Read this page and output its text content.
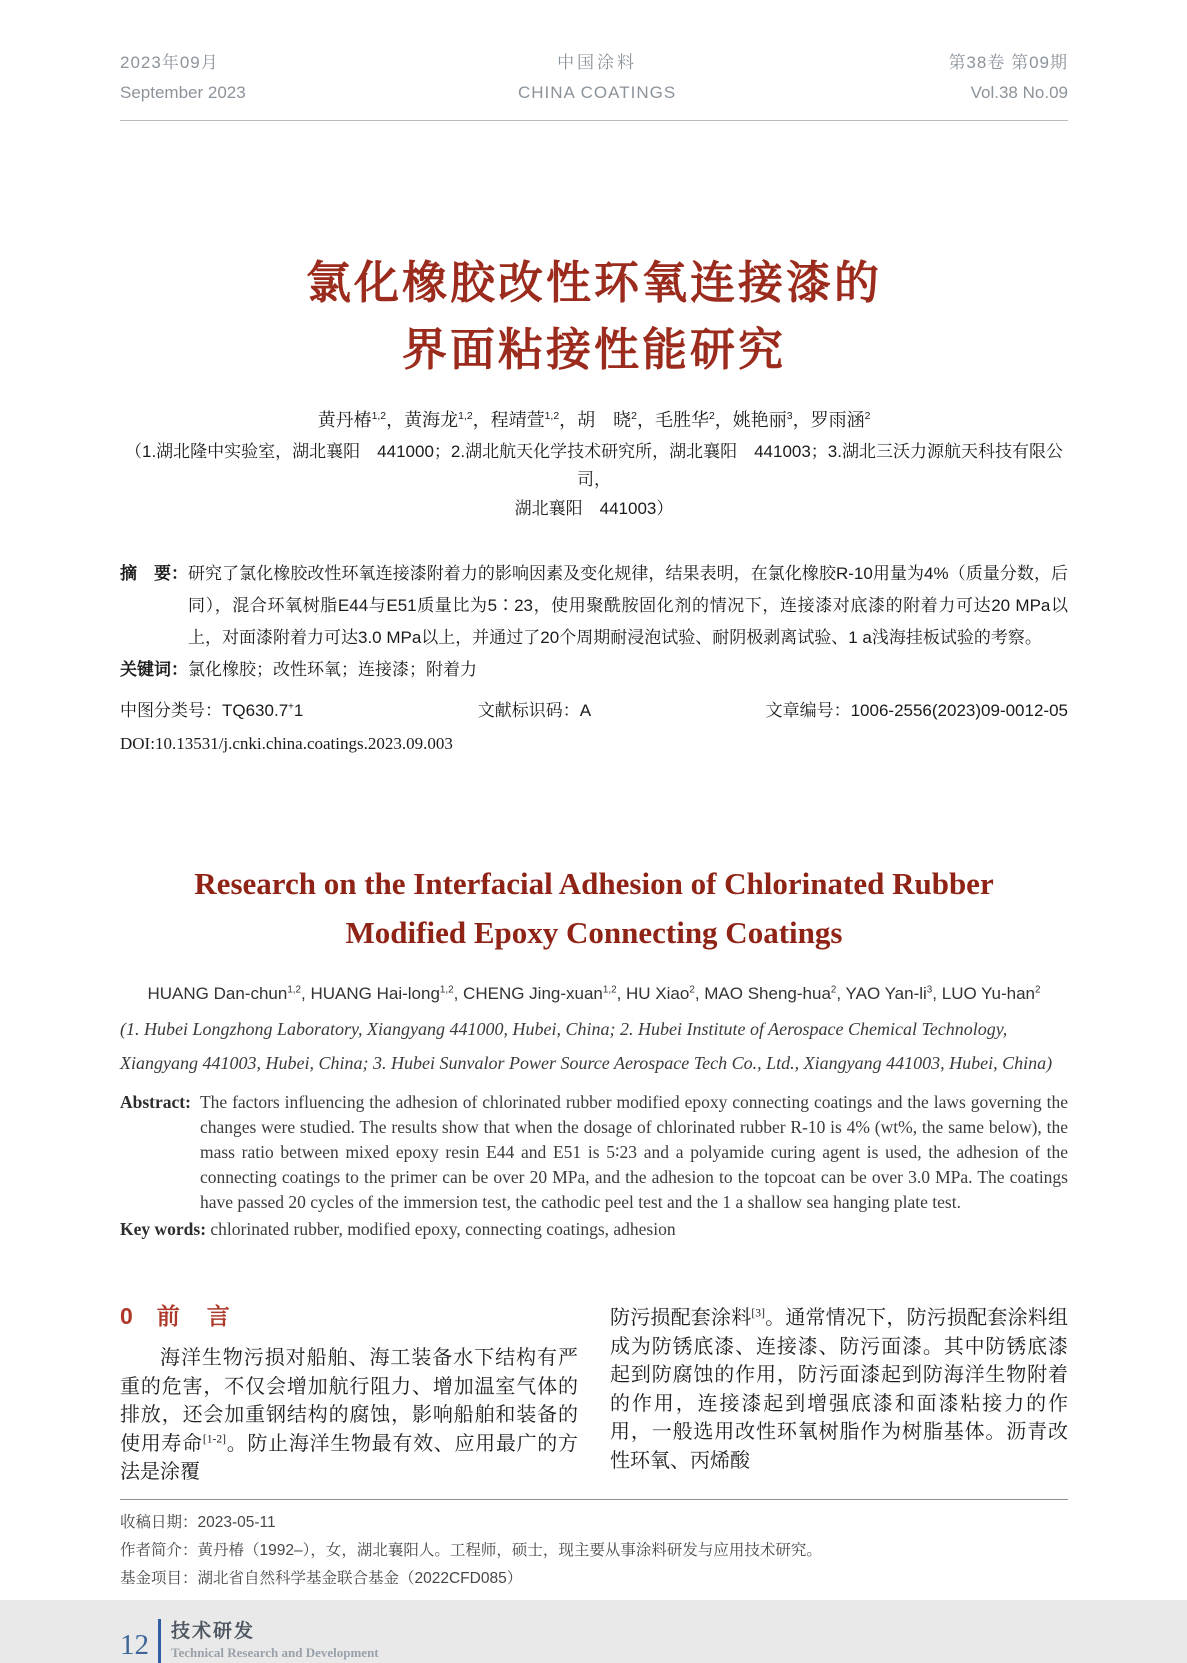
2023年09月
September 2023
中国涂料
CHINA COATINGS
第38卷 第09期
Vol.38 No.09
氯化橡胶改性环氧连接漆的
界面粘接性能研究
黄丹椿$^{1,2}$，黄海龙$^{1,2}$，程靖萱$^{1,2}$，胡　晓$^2$，毛胜华$^2$，姚艳丽$^3$，罗雨涵$^2$
（1.湖北隆中实验室，湖北襄阳　441000；2.湖北航天化学技术研究所，湖北襄阳　441003；3.湖北三沃力源航天科技有限公司，
湖北襄阳　441003）
摘　要： 研究了氯化橡胶改性环氧连接漆附着力的影响因素及变化规律，结果表明，在氯化橡胶R-10用量为4%（质量分数，后同），混合环氧树脂E44与E51质量比为5∶23，使用聚酰胺固化剂的情况下，连接漆对底漆的附着力可达20 MPa以上，对面漆附着力可达3.0 MPa以上，并通过了20个周期耐浸泡试验、耐阴极剥离试验、1 a浅海挂板试验的考察。
关键词：氯化橡胶；改性环氧；连接漆；附着力
中图分类号：TQ630.7+1	文献标识码：A	文章编号：1006-2556(2023)09-0012-05
DOI:10.13531/j.cnki.china.coatings.2023.09.003
Research on the Interfacial Adhesion of Chlorinated Rubber
Modified Epoxy Connecting Coatings
HUANG Dan-chun$^{1,2}$, HUANG Hai-long$^{1,2}$, CHENG Jing-xuan$^{1,2}$, HU Xiao$^2$, MAO Sheng-hua$^2$, YAO Yan-$li^3$, LUO Yu-han$^2$
(1. Hubei Longzhong Laboratory, Xiangyang 441000, Hubei, China; 2. Hubei Institute of Aerospace Chemical Technology,
Xiangyang 441003, Hubei, China; 3. Hubei Sunvalor Power Source Aerospace Tech Co., Ltd., Xiangyang 441003, Hubei, China)
Abstract: The factors influencing the adhesion of chlorinated rubber modified epoxy connecting coatings and the laws governing the changes were studied. The results show that when the dosage of chlorinated rubber R-10 is 4% (wt%, the same below), the mass ratio between mixed epoxy resin E44 and E51 is 5∶23 and a polyamide curing agent is used, the adhesion of the connecting coatings to the primer can be over 20 MPa, and the adhesion to the topcoat can be over 3.0 MPa. The coatings have passed 20 cycles of the immersion test, the cathodic peel test and the 1 a shallow sea hanging plate test.
Key words: chlorinated rubber, modified epoxy, connecting coatings, adhesion
0 前　言

海洋生物污损对船舶、海工装备水下结构有严重的危害，不仅会增加航行阻力、增加温室气体的排放，还会加重钢结构的腐蚀，影响船舶和装备的使用寿命[1-2]。防止海洋生物最有效、应用最广的方法是涂覆

防污损配套涂料[3]。通常情况下，防污损配套涂料组成为防锈底漆、连接漆、防污面漆。其中防锈底漆起到防腐蚀的作用，防污面漆起到防海洋生物附着的作用，连接漆起到增强底漆和面漆粘接力的作用，一般选用改性环氧树脂作为树脂基体。沥青改性环氧、丙烯酸

收稿日期：2023-05-11
作者简介：黄丹椿（1992–），女，湖北襄阳人。工程师，硕士，现主要从事涂料研发与应用技术研究。
基金项目：湖北省自然科学基金联合基金（2022CFD085）
12 技术研发
Technical Research and Development
